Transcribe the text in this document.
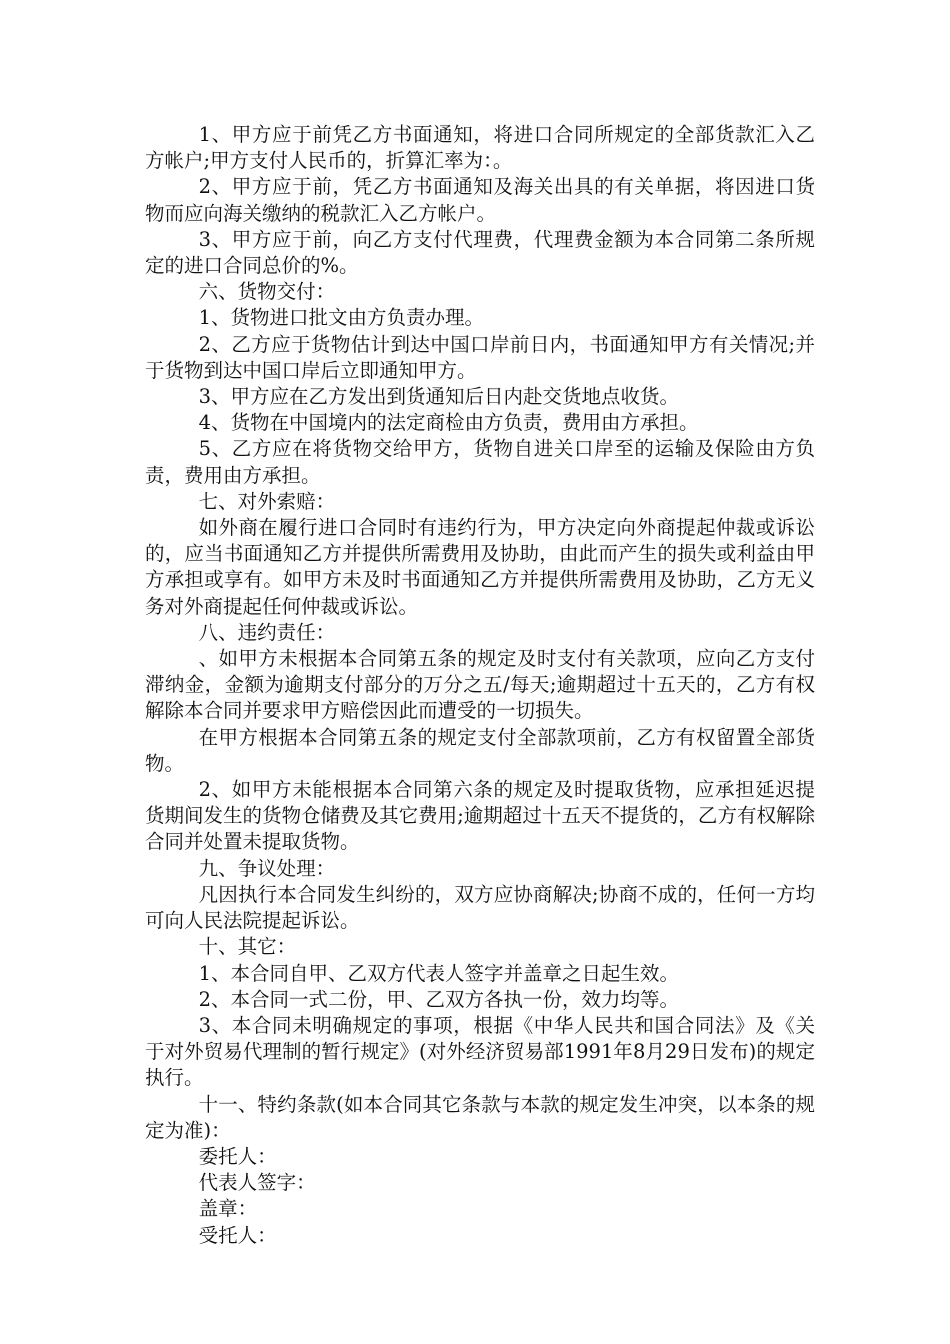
1、甲方应于前凭乙方书面通知，将进口合同所规定的全部货款汇入乙方帐户;甲方支付人民币的，折算汇率为：。

2、甲方应于前，凭乙方书面通知及海关出具的有关单据，将因进口货物而应向海关缴纳的税款汇入乙方帐户。

3、甲方应于前，向乙方支付代理费，代理费金额为本合同第二条所规定的进口合同总价的%。

六、货物交付：

1、货物进口批文由方负责办理。

2、乙方应于货物估计到达中国口岸前日内，书面通知甲方有关情况;并于货物到达中国口岸后立即通知甲方。

3、甲方应在乙方发出到货通知后日内赴交货地点收货。

4、货物在中国境内的法定商检由方负责，费用由方承担。

5、乙方应在将货物交给甲方，货物自进关口岸至的运输及保险由方负责，费用由方承担。

七、对外索赔：

如外商在履行进口合同时有违约行为，甲方决定向外商提起仲裁或诉讼的，应当书面通知乙方并提供所需费用及协助，由此而产生的损失或利益由甲方承担或享有。如甲方未及时书面通知乙方并提供所需费用及协助，乙方无义务对外商提起任何仲裁或诉讼。

八、违约责任：

、如甲方未根据本合同第五条的规定及时支付有关款项，应向乙方支付滞纳金，金额为逾期支付部分的万分之五/每天;逾期超过十五天的，乙方有权解除本合同并要求甲方赔偿因此而遭受的一切损失。

在甲方根据本合同第五条的规定支付全部款项前，乙方有权留置全部货物。

2、如甲方未能根据本合同第六条的规定及时提取货物，应承担延迟提货期间发生的货物仓储费及其它费用;逾期超过十五天不提货的，乙方有权解除合同并处置未提取货物。

九、争议处理：

凡因执行本合同发生纠纷的，双方应协商解决;协商不成的，任何一方均可向人民法院提起诉讼。

十、其它：

1、本合同自甲、乙双方代表人签字并盖章之日起生效。

2、本合同一式二份，甲、乙双方各执一份，效力均等。

3、本合同未明确规定的事项，根据《中华人民共和国合同法》及《关于对外贸易代理制的暂行规定》(对外经济贸易部1991年8月29日发布)的规定执行。

十一、特约条款(如本合同其它条款与本款的规定发生冲突，以本条的规定为准)：

委托人：

代表人签字：

盖章：

受托人：
